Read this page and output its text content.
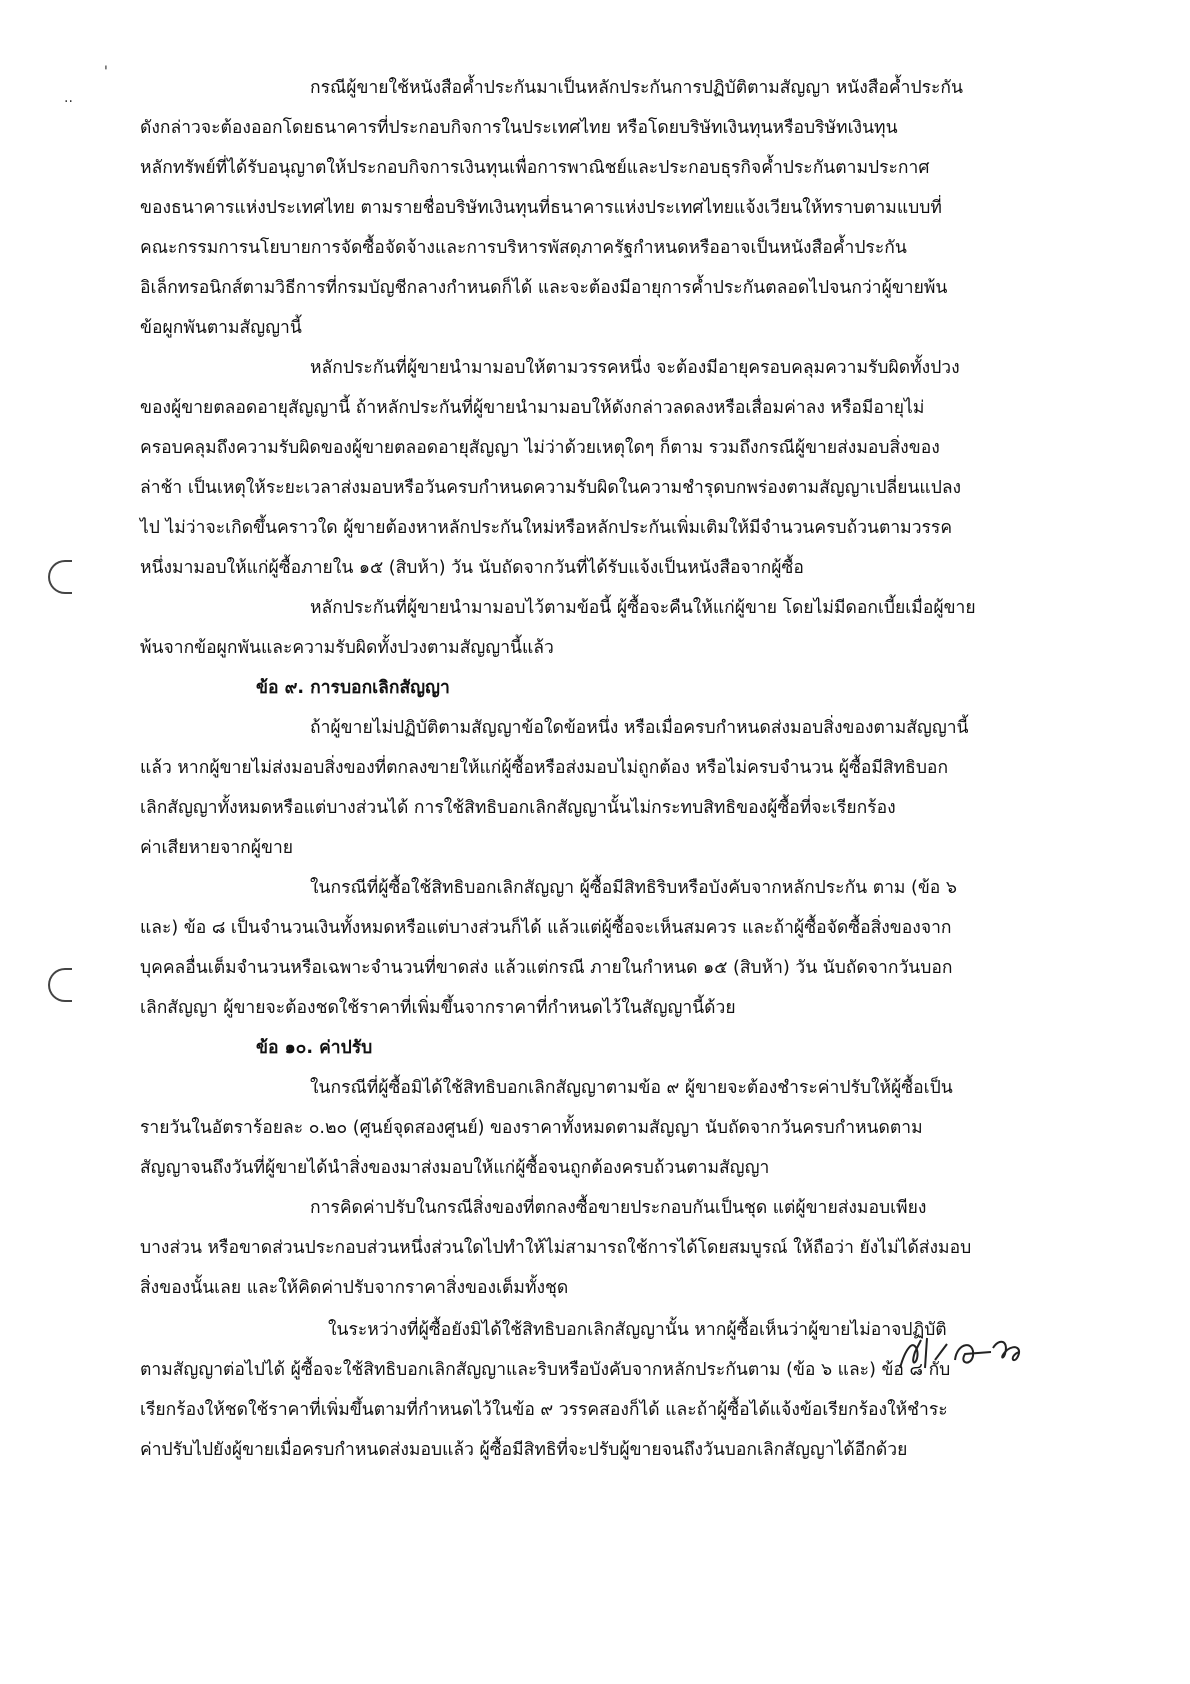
'
..	กรณีผู้ขายใช้หนังสือค้ำประกันมาเป็นหลักประกันการปฏิบัติตามสัญญา หนังสือค้ำประกัน
ดังกล่าวจะต้องออกโดยธนาคารที่ประกอบกิจการในประเทศไทย หรือโดยบริษัทเงินทุนหรือบริษัทเงินทุน
หลักทรัพย์ที่ได้รับอนุญาตให้ประกอบกิจการเงินทุนเพื่อการพาณิชย์และประกอบธุรกิจค้ำประกันตามประกาศ
ของธนาคารแห่งประเทศไทย ตามรายชื่อบริษัทเงินทุนที่ธนาคารแห่งประเทศไทยแจ้งเวียนให้ทราบตามแบบที่
คณะกรรมการนโยบายการจัดซื้อจัดจ้างและการบริหารพัสดุภาครัฐกำหนดหรืออาจเป็นหนังสือค้ำประกัน
อิเล็กทรอนิกส์ตามวิธีการที่กรมบัญชีกลางกำหนดก็ได้ และจะต้องมีอายุการค้ำประกันตลอดไปจนกว่าผู้ขายพ้น
ข้อผูกพันตามสัญญานี้
หลักประกันที่ผู้ขายนำมามอบให้ตามวรรคหนึ่ง จะต้องมีอายุครอบคลุมความรับผิดทั้งปวง
ของผู้ขายตลอดอายุสัญญานี้ ถ้าหลักประกันที่ผู้ขายนำมามอบให้ดังกล่าวลดลงหรือเสื่อมค่าลง หรือมีอายุไม่
ครอบคลุมถึงความรับผิดของผู้ขายตลอดอายุสัญญา ไม่ว่าด้วยเหตุใดๆ ก็ตาม รวมถึงกรณีผู้ขายส่งมอบสิ่งของ
ล่าช้า เป็นเหตุให้ระยะเวลาส่งมอบหรือวันครบกำหนดความรับผิดในความชำรุดบกพร่องตามสัญญาเปลี่ยนแปลง
ไป ไม่ว่าจะเกิดขึ้นคราวใด ผู้ขายต้องหาหลักประกันใหม่หรือหลักประกันเพิ่มเติมให้มีจำนวนครบถ้วนตามวรรค
หนึ่งมามอบให้แก่ผู้ซื้อภายใน ๑๕ (สิบห้า) วัน นับถัดจากวันที่ได้รับแจ้งเป็นหนังสือจากผู้ซื้อ
หลักประกันที่ผู้ขายนำมามอบไว้ตามข้อนี้ ผู้ซื้อจะคืนให้แก่ผู้ขาย โดยไม่มีดอกเบี้ยเมื่อผู้ขาย
พ้นจากข้อผูกพันและความรับผิดทั้งปวงตามสัญญานี้แล้ว
ข้อ ๙. การบอกเลิกสัญญา
ถ้าผู้ขายไม่ปฏิบัติตามสัญญาข้อใดข้อหนึ่ง หรือเมื่อครบกำหนดส่งมอบสิ่งของตามสัญญานี้
แล้ว หากผู้ขายไม่ส่งมอบสิ่งของที่ตกลงขายให้แก่ผู้ซื้อหรือส่งมอบไม่ถูกต้อง หรือไม่ครบจำนวน ผู้ซื้อมีสิทธิบอก
เลิกสัญญาทั้งหมดหรือแต่บางส่วนได้ การใช้สิทธิบอกเลิกสัญญานั้นไม่กระทบสิทธิของผู้ซื้อที่จะเรียกร้อง
ค่าเสียหายจากผู้ขาย
ในกรณีที่ผู้ซื้อใช้สิทธิบอกเลิกสัญญา ผู้ซื้อมีสิทธิริบหรือบังคับจากหลักประกัน ตาม (ข้อ ๖
และ) ข้อ ๘ เป็นจำนวนเงินทั้งหมดหรือแต่บางส่วนก็ได้ แล้วแต่ผู้ซื้อจะเห็นสมควร และถ้าผู้ซื้อจัดซื้อสิ่งของจาก
บุคคลอื่นเต็มจำนวนหรือเฉพาะจำนวนที่ขาดส่ง แล้วแต่กรณี ภายในกำหนด ๑๕ (สิบห้า) วัน นับถัดจากวันบอก
เลิกสัญญา ผู้ขายจะต้องชดใช้ราคาที่เพิ่มขึ้นจากราคาที่กำหนดไว้ในสัญญานี้ด้วย
ข้อ ๑๐. ค่าปรับ
ในกรณีที่ผู้ซื้อมิได้ใช้สิทธิบอกเลิกสัญญาตามข้อ ๙ ผู้ขายจะต้องชำระค่าปรับให้ผู้ซื้อเป็น
รายวันในอัตราร้อยละ ๐.๒๐ (ศูนย์จุดสองศูนย์) ของราคาทั้งหมดตามสัญญา นับถัดจากวันครบกำหนดตาม
สัญญาจนถึงวันที่ผู้ขายได้นำสิ่งของมาส่งมอบให้แก่ผู้ซื้อจนถูกต้องครบถ้วนตามสัญญา
การคิดค่าปรับในกรณีสิ่งของที่ตกลงซื้อขายประกอบกันเป็นชุด แต่ผู้ขายส่งมอบเพียง
บางส่วน หรือขาดส่วนประกอบส่วนหนึ่งส่วนใดไปทำให้ไม่สามารถใช้การได้โดยสมบูรณ์ ให้ถือว่า ยังไม่ได้ส่งมอบ
สิ่งของนั้นเลย และให้คิดค่าปรับจากราคาสิ่งของเต็มทั้งชุด
ในระหว่างที่ผู้ซื้อยังมิได้ใช้สิทธิบอกเลิกสัญญานั้น หากผู้ซื้อเห็นว่าผู้ขายไม่อาจปฏิบัติ
ตามสัญญาต่อไปได้ ผู้ซื้อจะใช้สิทธิบอกเลิกสัญญาและริบหรือบังคับจากหลักประกันตาม (ข้อ ๖ และ) ข้อ ๘ กับ
เรียกร้องให้ชดใช้ราคาที่เพิ่มขึ้นตามที่กำหนดไว้ในข้อ ๙ วรรคสองก็ได้ และถ้าผู้ซื้อได้แจ้งข้อเรียกร้องให้ชำระ
ค่าปรับไปยังผู้ขายเมื่อครบกำหนดส่งมอบแล้ว ผู้ซื้อมีสิทธิที่จะปรับผู้ขายจนถึงวันบอกเลิกสัญญาได้อีกด้วย
